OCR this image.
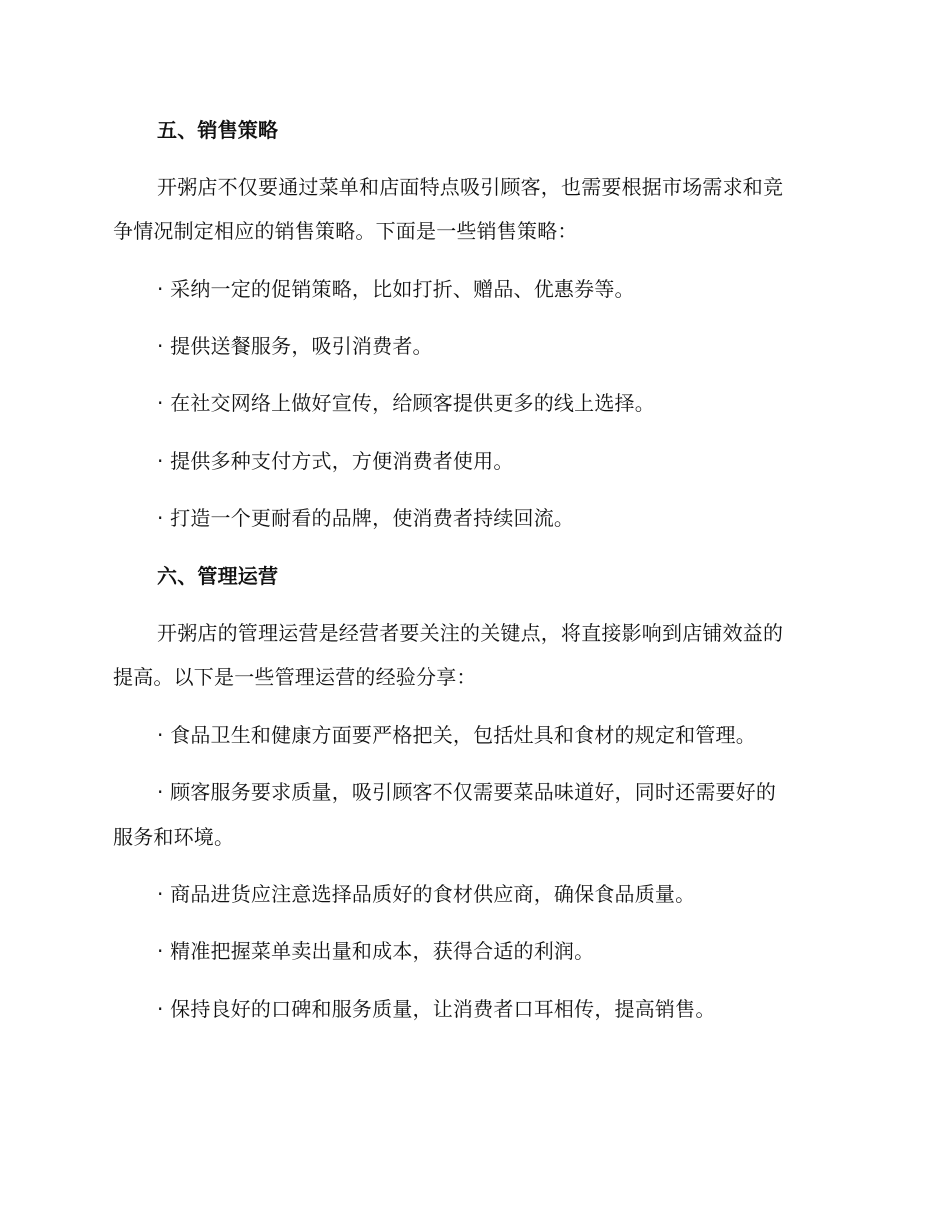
五、销售策略
开粥店不仅要通过菜单和店面特点吸引顾客，也需要根据市场需求和竞
争情况制定相应的销售策略。下面是一些销售策略：
· 采纳一定的促销策略，比如打折、赠品、优惠券等。
· 提供送餐服务，吸引消费者。
· 在社交网络上做好宣传，给顾客提供更多的线上选择。
· 提供多种支付方式，方便消费者使用。
· 打造一个更耐看的品牌，使消费者持续回流。
六、管理运营
开粥店的管理运营是经营者要关注的关键点，将直接影响到店铺效益的
提高。以下是一些管理运营的经验分享：
· 食品卫生和健康方面要严格把关，包括灶具和食材的规定和管理。
· 顾客服务要求质量，吸引顾客不仅需要菜品味道好，同时还需要好的
服务和环境。
· 商品进货应注意选择品质好的食材供应商，确保食品质量。
· 精准把握菜单卖出量和成本，获得合适的利润。
· 保持良好的口碑和服务质量，让消费者口耳相传，提高销售。
